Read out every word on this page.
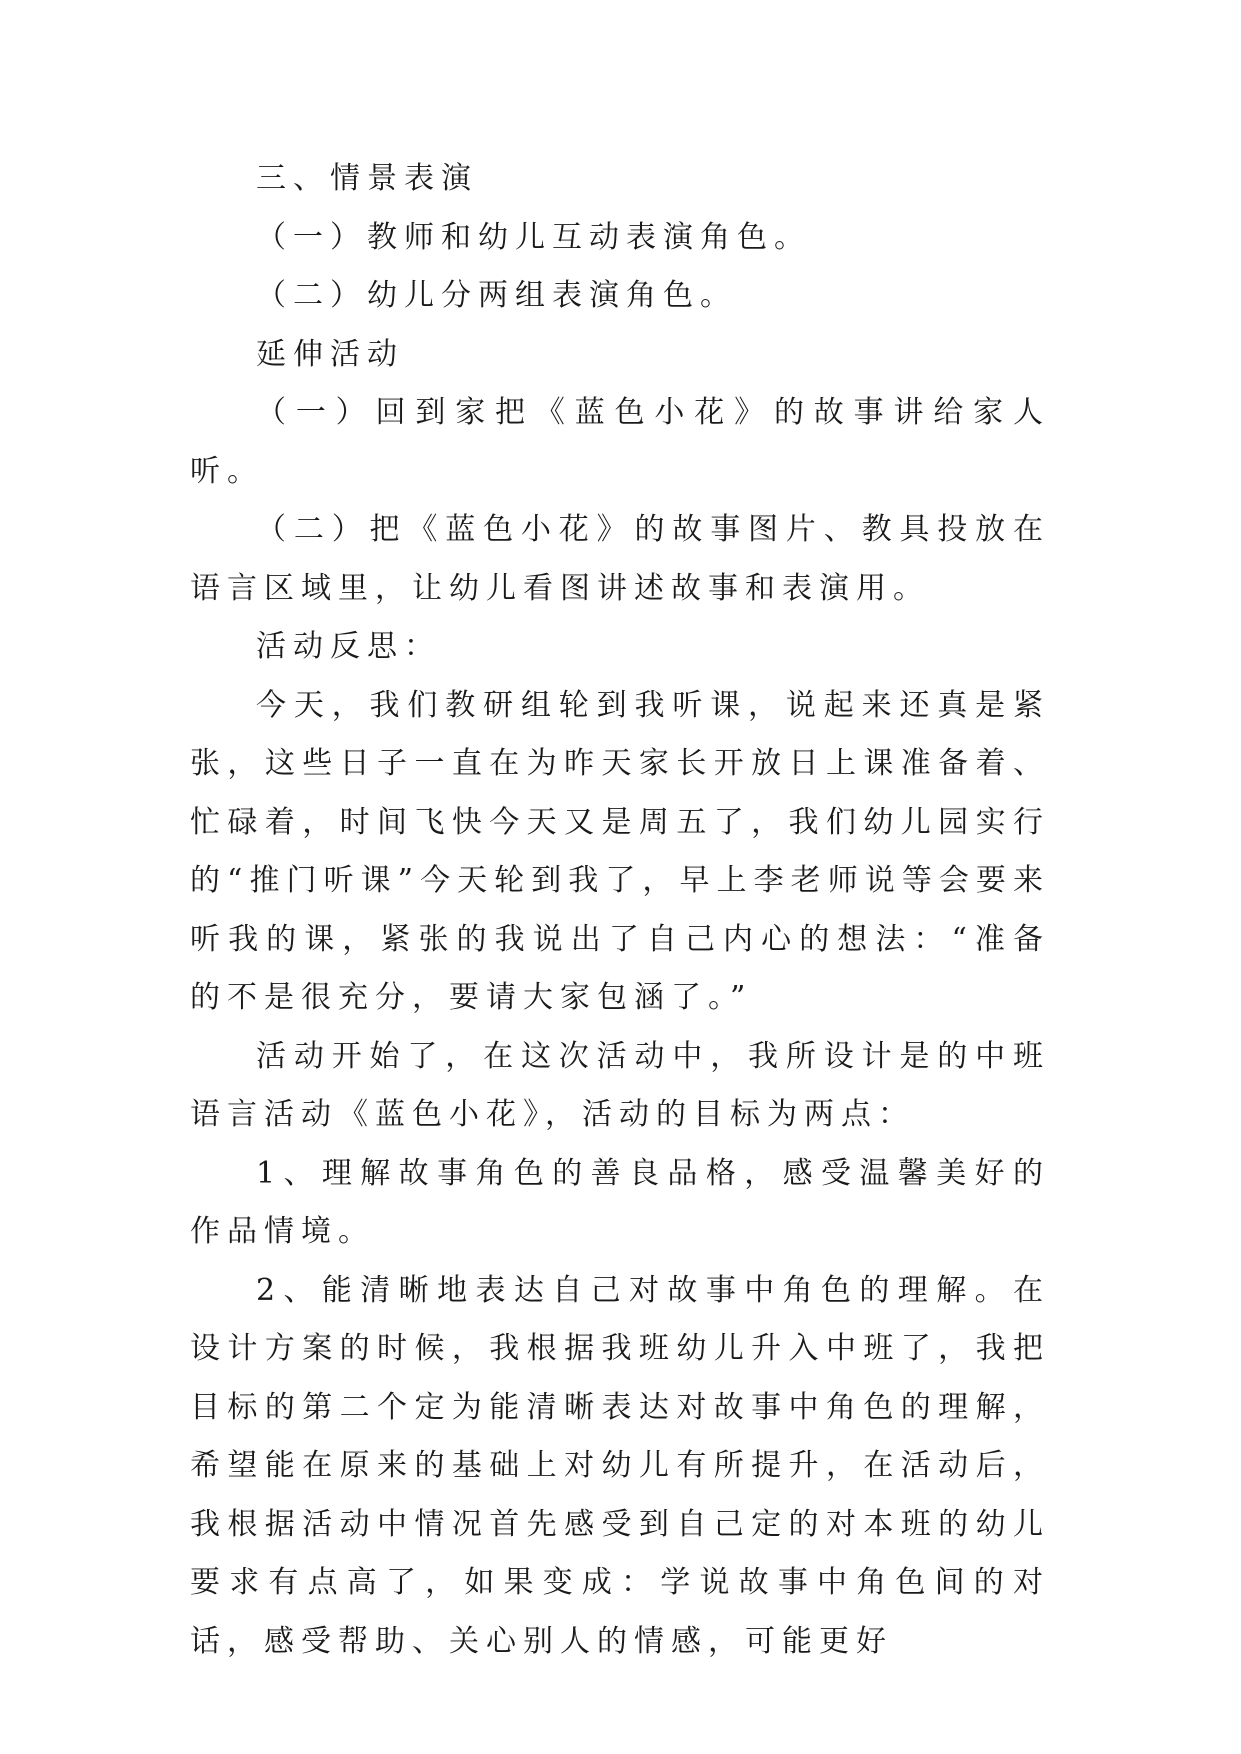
三、情景表演

（一）教师和幼儿互动表演角色。

（二）幼儿分两组表演角色。

延伸活动

（一）回到家把《蓝色小花》的故事讲给家人听。

（二）把《蓝色小花》的故事图片、教具投放在语言区域里，让幼儿看图讲述故事和表演用。

活动反思：

今天，我们教研组轮到我听课，说起来还真是紧张，这些日子一直在为昨天家长开放日上课准备着、忙碌着，时间飞快今天又是周五了，我们幼儿园实行的“推门听课”今天轮到我了，早上李老师说等会要来听我的课，紧张的我说出了自己内心的想法：“准备的不是很充分，要请大家包涵了。”

活动开始了，在这次活动中，我所设计是的中班语言活动《蓝色小花》，活动的目标为两点：

1、理解故事角色的善良品格，感受温馨美好的作品情境。

2、能清晰地表达自己对故事中角色的理解。在设计方案的时候，我根据我班幼儿升入中班了，我把目标的第二个定为能清晰表达对故事中角色的理解，希望能在原来的基础上对幼儿有所提升，在活动后，我根据活动中情况首先感受到自己定的对本班的幼儿要求有点高了，如果变成：学说故事中角色间的对话，感受帮助、关心别人的情感，可能更好
